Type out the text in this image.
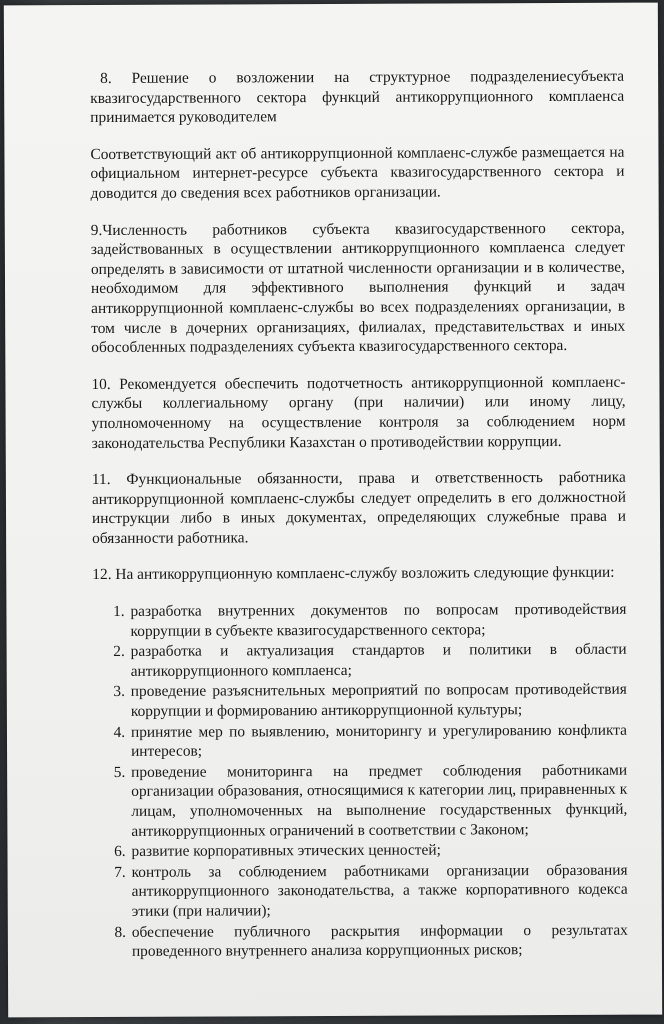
8. Решение о возложении на структурное подразделениесубъекта квазигосударственного сектора функций антикоррупционного комплаенса принимается руководителем

Соответствующий акт об антикоррупционной комплаенс-службе размещается на официальном интернет-ресурсе субъекта квазигосударственного сектора и доводится до сведения всех работников организации.

9.Численность работников субъекта квазигосударственного сектора, задействованных в осуществлении антикоррупционного комплаенса следует определять в зависимости от штатной численности организации и в количестве, необходимом для эффективного выполнения функций и задач антикоррупционной комплаенс-службы во всех подразделениях организации, в том числе в дочерних организациях, филиалах, представительствах и иных обособленных подразделениях субъекта квазигосударственного сектора.

10. Рекомендуется обеспечить подотчетность антикоррупционной комплаенс-службы коллегиальному органу (при наличии) или иному лицу, уполномоченному на осуществление контроля за соблюдением норм законодательства Республики Казахстан о противодействии коррупции.

11. Функциональные обязанности, права и ответственность работника антикоррупционной комплаенс-службы следует определить в его должностной инструкции либо в иных документах, определяющих служебные права и обязанности работника.

12. На антикоррупционную комплаенс-службу возложить следующие функции:

1. разработка внутренних документов по вопросам противодействия коррупции в субъекте квазигосударственного сектора;
2. разработка и актуализация стандартов и политики в области антикоррупционного комплаенса;
3. проведение разъяснительных мероприятий по вопросам противодействия коррупции и формированию антикоррупционной культуры;
4. принятие мер по выявлению, мониторингу и урегулированию конфликта интересов;
5. проведение мониторинга на предмет соблюдения работниками организации образования, относящимися к категории лиц, приравненных к лицам, уполномоченных на выполнение государственных функций, антикоррупционных ограничений в соответствии с Законом;
6. развитие корпоративных этических ценностей;
7. контроль за соблюдением работниками организации образования антикоррупционного законодательства, а также корпоративного кодекса этики (при наличии);
8. обеспечение публичного раскрытия информации о результатах проведенного внутреннего анализа коррупционных рисков;
